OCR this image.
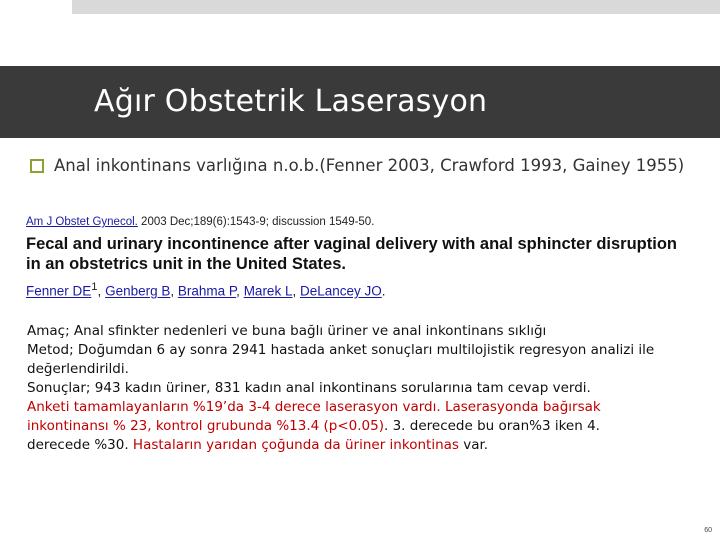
Ağır Obstetrik Laserasyon
Anal inkontinans varlığına n.o.b.(Fenner 2003, Crawford 1993, Gainey 1955)
Am J Obstet Gynecol. 2003 Dec;189(6):1543-9; discussion 1549-50.
Fecal and urinary incontinence after vaginal delivery with anal sphincter disruption in an obstetrics unit in the United States.
Fenner $DE^1$, Genberg B, Brahma P, Marek L, DeLancey JO.

Amaç; Anal sfinkter nedenleri ve buna bağlı üriner ve anal inkontinans sıklığı

Metod; Doğumdan 6 ay sonra 2941 hastada anket sonuçları multilojistik regresyon analizi ile değerlendirildi.

Sonuçlar; 943 kadın üriner, 831 kadın anal inkontinans sorularınıa tam cevap verdi.

Anketi tamamlayanların %19’da 3-4 derece laserasyon vardı. Laserasyonda bağırsak inkontinansı % 23, kontrol grubunda %13.4 (p<0.05). 3. derecede bu oran%3 iken 4. derecede %30. Hastaların yarıdan çoğunda da üriner inkontinas var.

60
